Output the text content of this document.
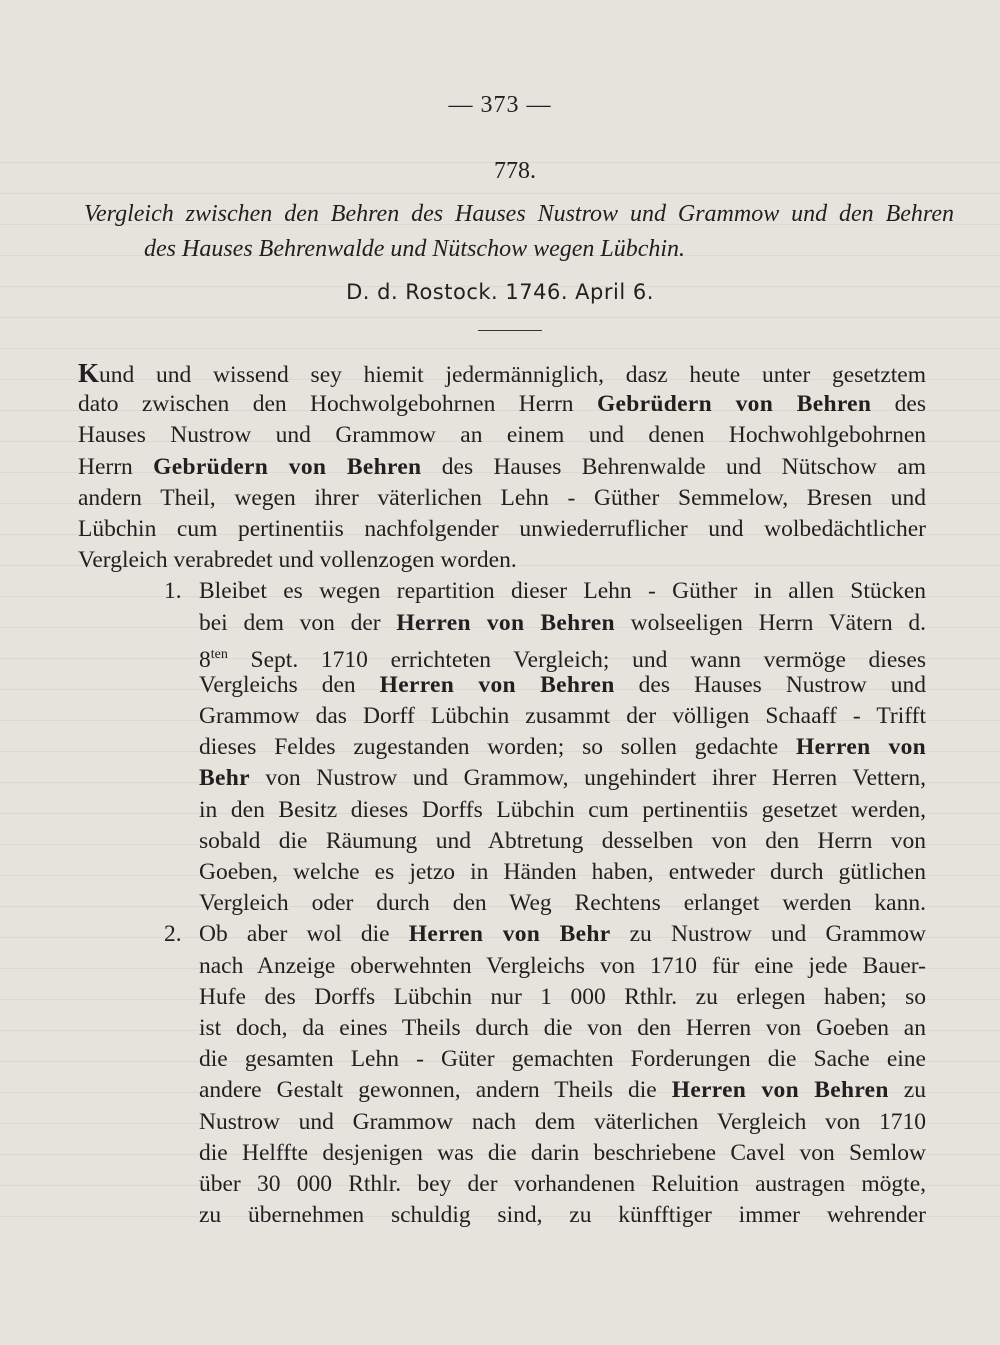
— 373 —
778.
Vergleich zwischen den Behren des Hauses Nustrow und Grammow und den Behren
des Hauses Behrenwalde und Nütschow wegen Lübchin.
D. d. Rostock. 1746. April 6.
Kund und wissend sey hiemit jedermänniglich, dasz heute unter gesetztem
dato zwischen den Hochwolgebohrnen Herrn Gebrüdern von Behren des
Hauses Nustrow und Grammow an einem und denen Hochwohlgebohrnen
Herrn Gebrüdern von Behren des Hauses Behrenwalde und Nütschow am
andern Theil, wegen ihrer väterlichen Lehn - Güther Semmelow, Bresen und
Lübchin cum pertinentiis nachfolgender unwiederruflicher und wolbedächtlicher
Vergleich verabredet und vollenzogen worden.
1. Bleibet es wegen repartition dieser Lehn - Güther in allen Stücken
bei dem von der Herren von Behren wolseeligen Herrn Vätern d.
$8^{ten}$ Sept. 1710 errichteten Vergleich; und wann vermöge dieses
Vergleichs den Herren von Behren des Hauses Nustrow und
Grammow das Dorff Lübchin zusammt der völligen Schaaff - Trifft
dieses Feldes zugestanden worden; so sollen gedachte Herren von
Behr von Nustrow und Grammow, ungehindert ihrer Herren Vettern,
in den Besitz dieses Dorffs Lübchin cum pertinentiis gesetzet werden,
sobald die Räumung und Abtretung desselben von den Herrn von
Goeben, welche es jetzo in Händen haben, entweder durch gütlichen
Vergleich oder durch den Weg Rechtens erlanget werden kann.
2. Ob aber wol die Herren von Behr zu Nustrow und Grammow
nach Anzeige oberwehnten Vergleichs von 1710 für eine jede Bauer-
Hufe des Dorffs Lübchin nur 1 000 Rthlr. zu erlegen haben; so
ist doch, da eines Theils durch die von den Herren von Goeben an
die gesamten Lehn - Güter gemachten Forderungen die Sache eine
andere Gestalt gewonnen, andern Theils die Herren von Behren zu
Nustrow und Grammow nach dem väterlichen Vergleich von 1710
die Helffte desjenigen was die darin beschriebene Cavel von Semlow
über 30 000 Rthlr. bey der vorhandenen Reluition austragen mögte,
zu übernehmen schuldig sind, zu künfftiger immer wehrender
